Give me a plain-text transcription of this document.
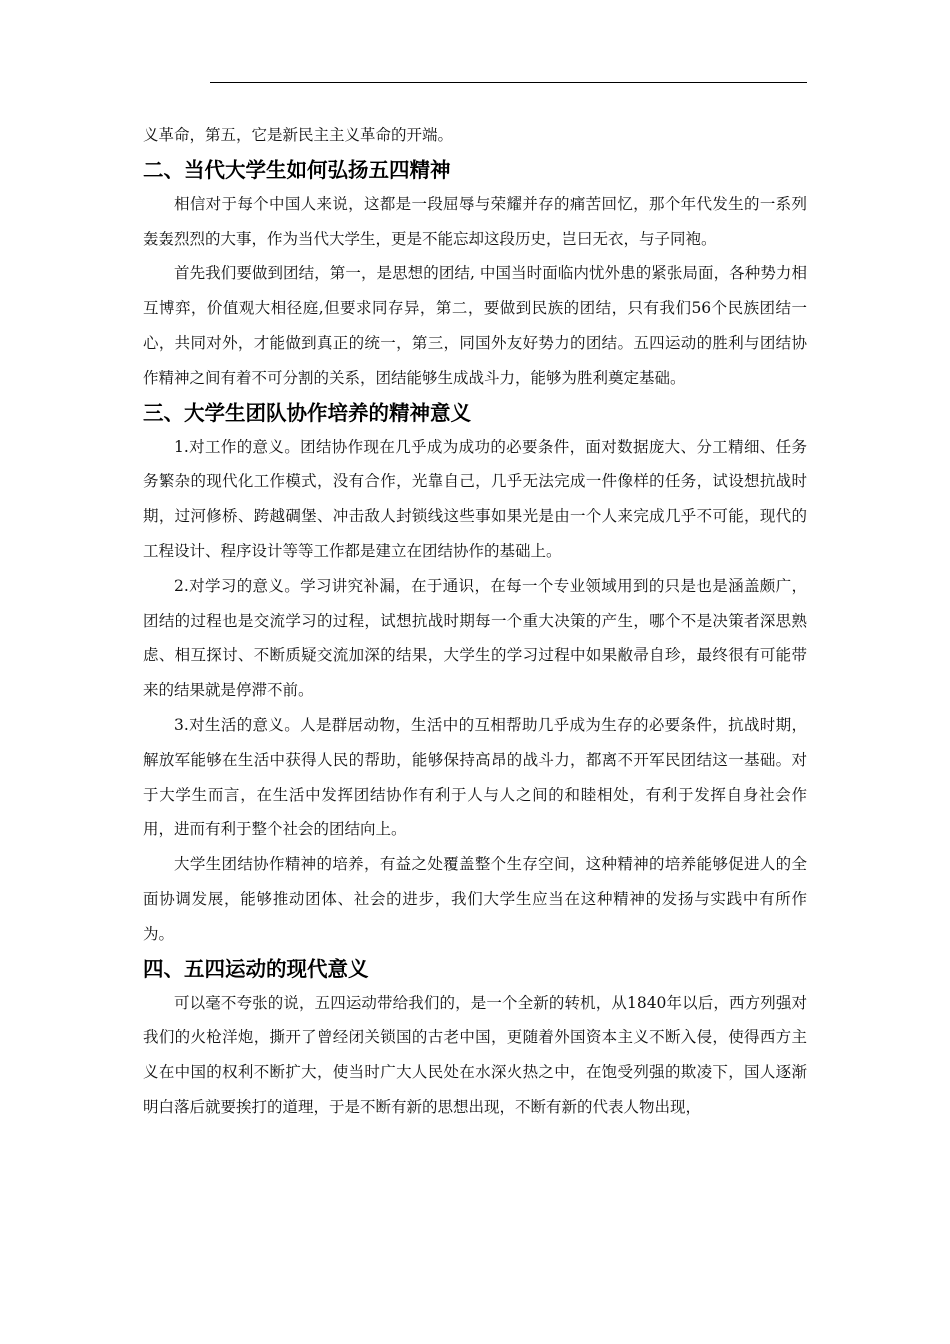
义革命，第五，它是新民主主义革命的开端。

二、当代大学生如何弘扬五四精神

相信对于每个中国人来说，这都是一段屈辱与荣耀并存的痛苦回忆，那个年代发生的一系列轰轰烈烈的大事，作为当代大学生，更是不能忘却这段历史，岂曰无衣，与子同袍。

首先我们要做到团结，第一，是思想的团结, 中国当时面临内忧外患的紧张局面，各种势力相互博弈，价值观大相径庭,但要求同存异，第二，要做到民族的团结，只有我们56个民族团结一心，共同对外，才能做到真正的统一，第三，同国外友好势力的团结。五四运动的胜利与团结协作精神之间有着不可分割的关系，团结能够生成战斗力，能够为胜利奠定基础。

三、大学生团队协作培养的精神意义

1.对工作的意义。团结协作现在几乎成为成功的必要条件，面对数据庞大、分工精细、任务务繁杂的现代化工作模式，没有合作，光靠自己，几乎无法完成一件像样的任务，试设想抗战时期，过河修桥、跨越碉堡、冲击敌人封锁线这些事如果光是由一个人来完成几乎不可能，现代的工程设计、程序设计等等工作都是建立在团结协作的基础上。

2.对学习的意义。学习讲究补漏，在于通识，在每一个专业领域用到的只是也是涵盖颇广，团结的过程也是交流学习的过程，试想抗战时期每一个重大决策的产生，哪个不是决策者深思熟虑、相互探讨、不断质疑交流加深的结果，大学生的学习过程中如果敝帚自珍，最终很有可能带来的结果就是停滞不前。

3.对生活的意义。人是群居动物，生活中的互相帮助几乎成为生存的必要条件，抗战时期，解放军能够在生活中获得人民的帮助，能够保持高昂的战斗力，都离不开军民团结这一基础。对于大学生而言，在生活中发挥团结协作有利于人与人之间的和睦相处，有利于发挥自身社会作用，进而有利于整个社会的团结向上。

大学生团结协作精神的培养，有益之处覆盖整个生存空间，这种精神的培养能够促进人的全面协调发展，能够推动团体、社会的进步，我们大学生应当在这种精神的发扬与实践中有所作为。

四、五四运动的现代意义

可以毫不夸张的说，五四运动带给我们的，是一个全新的转机，从1840年以后，西方列强对我们的火枪洋炮，撕开了曾经闭关锁国的古老中国，更随着外国资本主义不断入侵，使得西方主义在中国的权利不断扩大，使当时广大人民处在水深火热之中，在饱受列强的欺凌下，国人逐渐明白落后就要挨打的道理，于是不断有新的思想出现，不断有新的代表人物出现，
